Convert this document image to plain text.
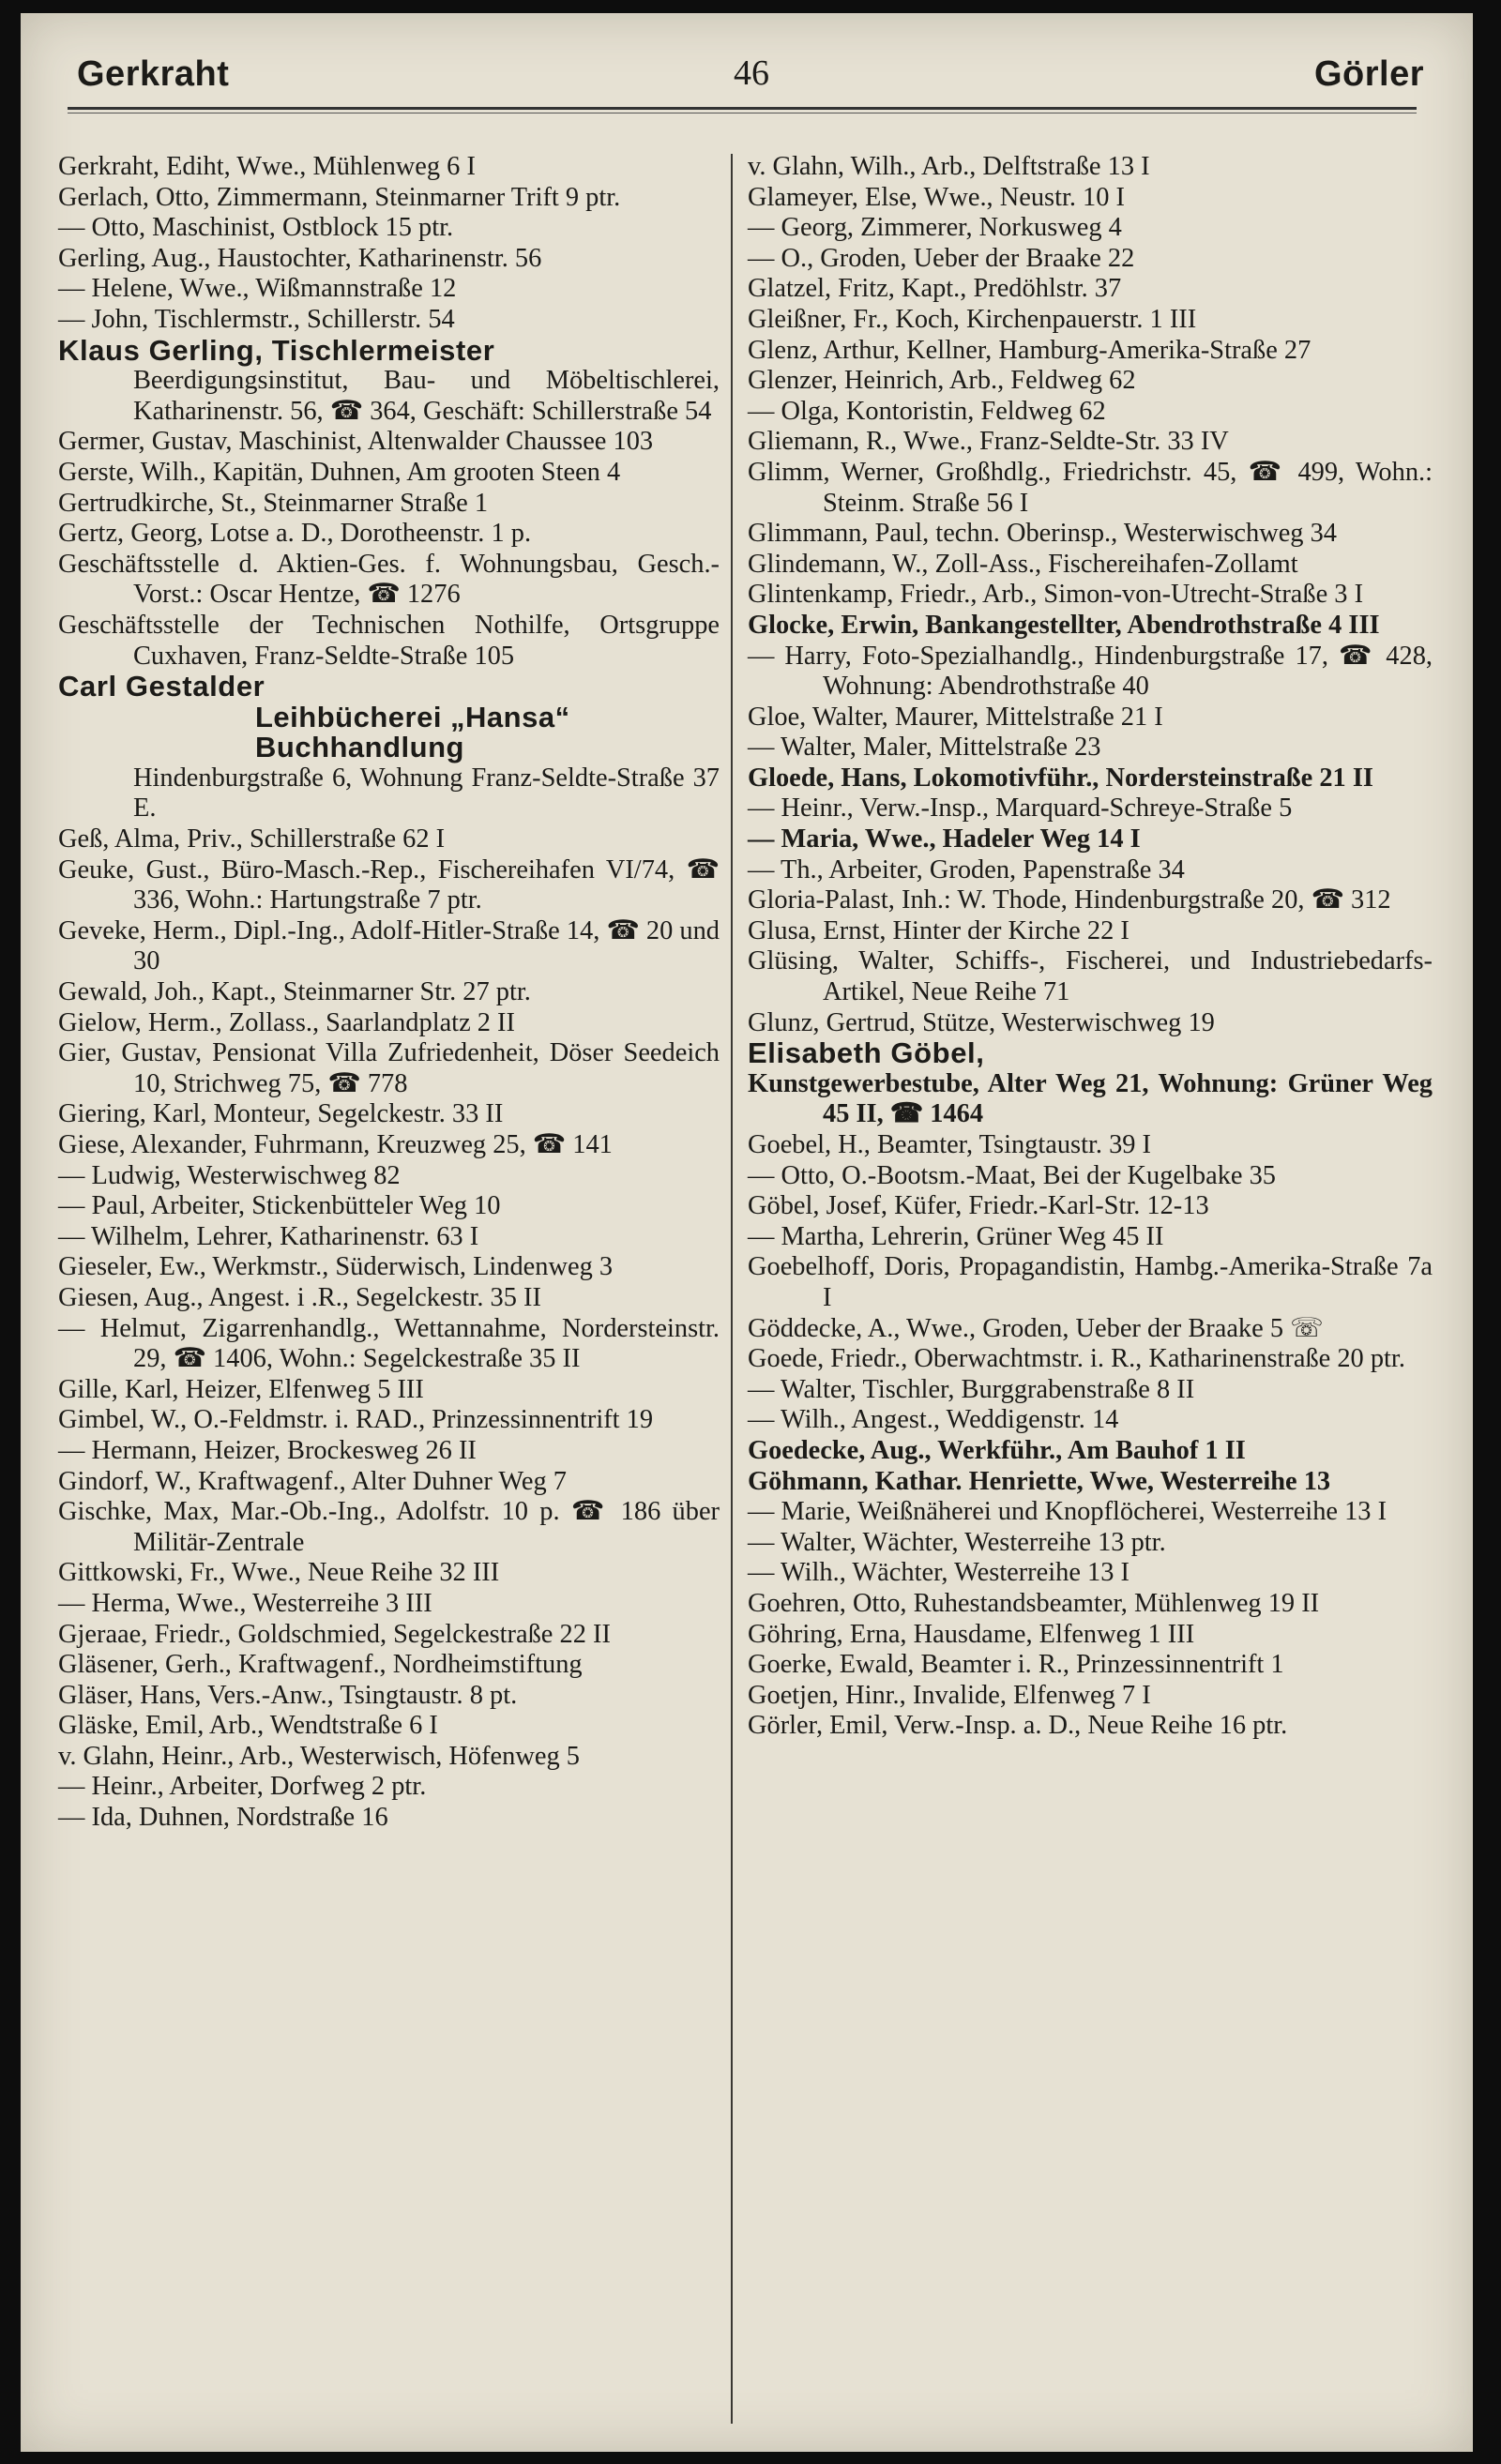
Gerkraht	46	Görler

Gerkraht, Ediht, Wwe., Mühlenweg 6 I

Gerlach, Otto, Zimmermann, Steinmarner Trift 9 ptr.

— Otto, Maschinist, Ostblock 15 ptr.

Gerling, Aug., Haustochter, Katharinenstr. 56

— Helene, Wwe., Wißmannstraße 12

— John, Tischlermstr., Schillerstr. 54

Klaus Gerling, Tischlermeister

Beerdigungsinstitut, Bau- und Möbeltischlerei, Katharinenstr. 56, ☎ 364, Geschäft: Schillerstraße 54

Germer, Gustav, Maschinist, Altenwalder Chaussee 103

Gerste, Wilh., Kapitän, Duhnen, Am grooten Steen 4

Gertrudkirche, St., Steinmarner Straße 1

Gertz, Georg, Lotse a. D., Dorotheenstr. 1 p.

Geschäftsstelle d. Aktien-Ges. f. Wohnungsbau, Gesch.-Vorst.: Oscar Hentze, ☎ 1276

Geschäftsstelle der Technischen Nothilfe, Ortsgruppe Cuxhaven, Franz-Seldte-Straße 105

Carl Gestalder

Leihbücherei „Hansa“

Buchhandlung

Hindenburgstraße 6, Wohnung Franz-Seldte-Straße 37 E.

Geß, Alma, Priv., Schillerstraße 62 I

Geuke, Gust., Büro-Masch.-Rep., Fischereihafen VI/74, ☎ 336, Wohn.: Hartungstraße 7 ptr.

Geveke, Herm., Dipl.-Ing., Adolf-Hitler-Straße 14, ☎ 20 und 30

Gewald, Joh., Kapt., Steinmarner Str. 27 ptr.

Gielow, Herm., Zollass., Saarlandplatz 2 II

Gier, Gustav, Pensionat Villa Zufriedenheit, Döser Seedeich 10, Strichweg 75, ☎ 778

Giering, Karl, Monteur, Segelckestr. 33 II

Giese, Alexander, Fuhrmann, Kreuzweg 25, ☎ 141

— Ludwig, Westerwischweg 82

— Paul, Arbeiter, Stickenbütteler Weg 10

— Wilhelm, Lehrer, Katharinenstr. 63 I

Gieseler, Ew., Werkmstr., Süderwisch, Lindenweg 3

Giesen, Aug., Angest. i .R., Segelckestr. 35 II

— Helmut, Zigarrenhandlg., Wettannahme, Nordersteinstr. 29, ☎ 1406, Wohn.: Segelckestraße 35 II

Gille, Karl, Heizer, Elfenweg 5 III

Gimbel, W., O.-Feldmstr. i. RAD., Prinzessinnentrift 19

— Hermann, Heizer, Brockesweg 26 II

Gindorf, W., Kraftwagenf., Alter Duhner Weg 7

Gischke, Max, Mar.-Ob.-Ing., Adolfstr. 10 p. ☎ 186 über Militär-Zentrale

Gittkowski, Fr., Wwe., Neue Reihe 32 III

— Herma, Wwe., Westerreihe 3 III

Gjeraae, Friedr., Goldschmied, Segelckestraße 22 II

Gläsener, Gerh., Kraftwagenf., Nordheimstiftung

Gläser, Hans, Vers.-Anw., Tsingtaustr. 8 pt.

Gläske, Emil, Arb., Wendtstraße 6 I

v. Glahn, Heinr., Arb., Westerwisch, Höfenweg 5

— Heinr., Arbeiter, Dorfweg 2 ptr.

— Ida, Duhnen, Nordstraße 16

v. Glahn, Wilh., Arb., Delftstraße 13 I

Glameyer, Else, Wwe., Neustr. 10 I

— Georg, Zimmerer, Norkusweg 4

— O., Groden, Ueber der Braake 22

Glatzel, Fritz, Kapt., Predöhlstr. 37

Gleißner, Fr., Koch, Kirchenpauerstr. 1 III

Glenz, Arthur, Kellner, Hamburg-Amerika-Straße 27

Glenzer, Heinrich, Arb., Feldweg 62

— Olga, Kontoristin, Feldweg 62

Gliemann, R., Wwe., Franz-Seldte-Str. 33 IV

Glimm, Werner, Großhdlg., Friedrichstr. 45, ☎ 499, Wohn.: Steinm. Straße 56 I

Glimmann, Paul, techn. Oberinsp., Westerwischweg 34

Glindemann, W., Zoll-Ass., Fischereihafen-Zollamt

Glintenkamp, Friedr., Arb., Simon-von-Utrecht-Straße 3 I

Glocke, Erwin, Bankangestellter, Abendrothstraße 4 III

— Harry, Foto-Spezialhandlg., Hindenburgstraße 17, ☎ 428, Wohnung: Abendrothstraße 40

Gloe, Walter, Maurer, Mittelstraße 21 I

— Walter, Maler, Mittelstraße 23

Gloede, Hans, Lokomotivführ., Nordersteinstraße 21 II

— Heinr., Verw.-Insp., Marquard-Schreye-Straße 5

— Maria, Wwe., Hadeler Weg 14 I

— Th., Arbeiter, Groden, Papenstraße 34

Gloria-Palast, Inh.: W. Thode, Hindenburgstraße 20, ☎ 312

Glusa, Ernst, Hinter der Kirche 22 I

Glüsing, Walter, Schiffs-, Fischerei, und Industriebedarfs-Artikel, Neue Reihe 71

Glunz, Gertrud, Stütze, Westerwischweg 19

Elisabeth Göbel,

Kunstgewerbestube, Alter Weg 21, Wohnung: Grüner Weg 45 II, ☎ 1464

Goebel, H., Beamter, Tsingtaustr. 39 I

— Otto, O.-Bootsm.-Maat, Bei der Kugelbake 35

Göbel, Josef, Küfer, Friedr.-Karl-Str. 12-13

— Martha, Lehrerin, Grüner Weg 45 II

Goebelhoff, Doris, Propagandistin, Hambg.-Amerika-Straße 7a I

Göddecke, A., Wwe., Groden, Ueber der Braake 5 ☏

Goede, Friedr., Oberwachtmstr. i. R., Katharinenstraße 20 ptr.

— Walter, Tischler, Burggrabenstraße 8 II

— Wilh., Angest., Weddigenstr. 14

Goedecke, Aug., Werkführ., Am Bauhof 1 II

Göhmann, Kathar. Henriette, Wwe, Westerreihe 13

— Marie, Weißnäherei und Knopflöcherei, Westerreihe 13 I

— Walter, Wächter, Westerreihe 13 ptr.

— Wilh., Wächter, Westerreihe 13 I

Goehren, Otto, Ruhestandsbeamter, Mühlenweg 19 II

Göhring, Erna, Hausdame, Elfenweg 1 III

Goerke, Ewald, Beamter i. R., Prinzessinnentrift 1

Goetjen, Hinr., Invalide, Elfenweg 7 I

Görler, Emil, Verw.-Insp. a. D., Neue Reihe 16 ptr.
